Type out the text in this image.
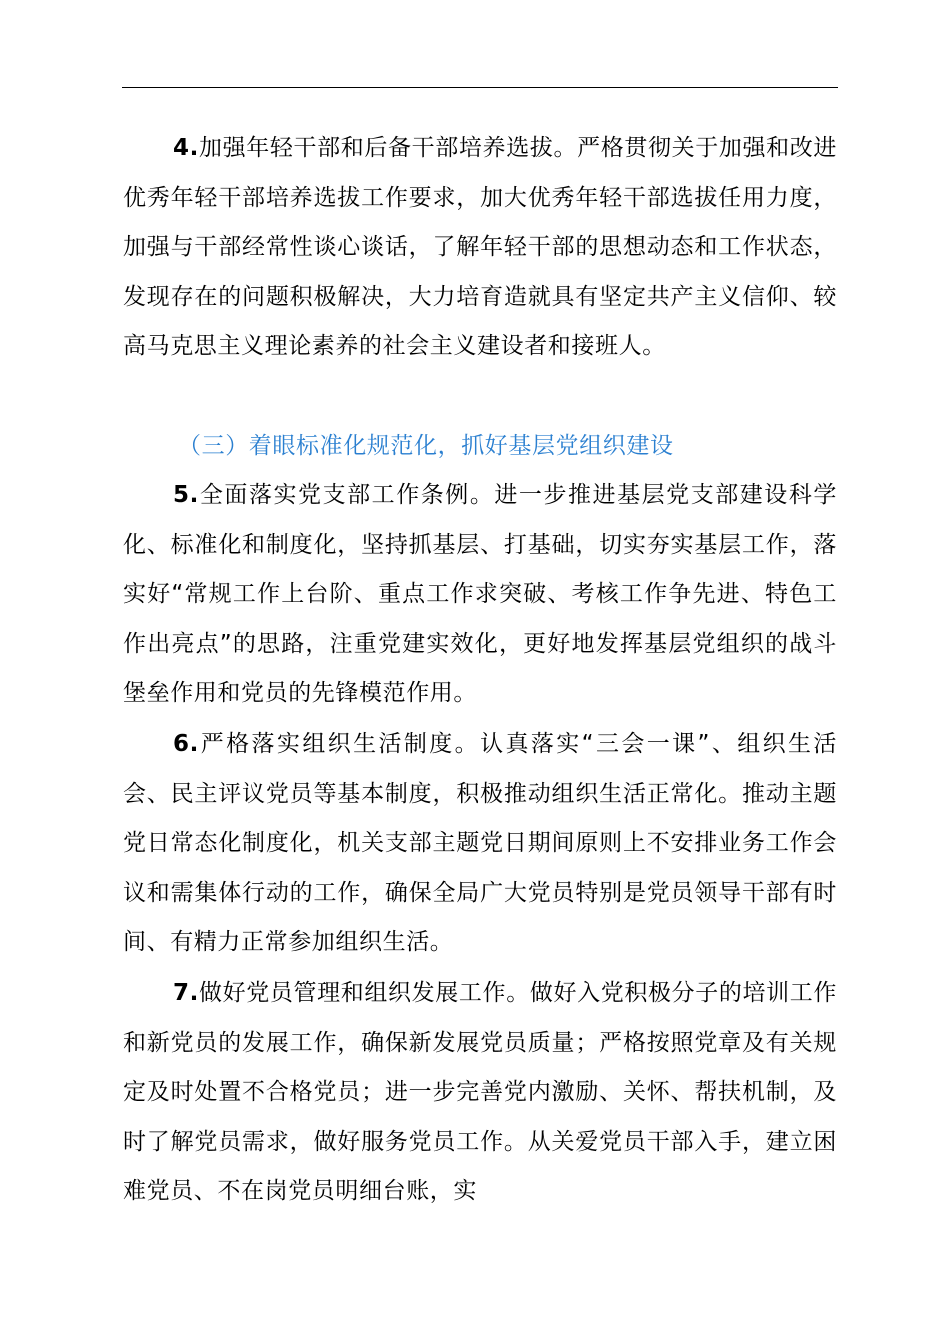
4.加强年轻干部和后备干部培养选拔。严格贯彻关于加强和改进优秀年轻干部培养选拔工作要求，加大优秀年轻干部选拔任用力度，加强与干部经常性谈心谈话，了解年轻干部的思想动态和工作状态，发现存在的问题积极解决，大力培育造就具有坚定共产主义信仰、较高马克思主义理论素养的社会主义建设者和接班人。

（三）着眼标准化规范化，抓好基层党组织建设

5.全面落实党支部工作条例。进一步推进基层党支部建设科学化、标准化和制度化，坚持抓基层、打基础，切实夯实基层工作，落实好“常规工作上台阶、重点工作求突破、考核工作争先进、特色工作出亮点”的思路，注重党建实效化，更好地发挥基层党组织的战斗堡垒作用和党员的先锋模范作用。

6.严格落实组织生活制度。认真落实“三会一课”、组织生活会、民主评议党员等基本制度，积极推动组织生活正常化。推动主题党日常态化制度化，机关支部主题党日期间原则上不安排业务工作会议和需集体行动的工作，确保全局广大党员特别是党员领导干部有时间、有精力正常参加组织生活。

7.做好党员管理和组织发展工作。做好入党积极分子的培训工作和新党员的发展工作，确保新发展党员质量；严格按照党章及有关规定及时处置不合格党员；进一步完善党内激励、关怀、帮扶机制，及时了解党员需求，做好服务党员工作。从关爱党员干部入手，建立困难党员、不在岗党员明细台账，实
